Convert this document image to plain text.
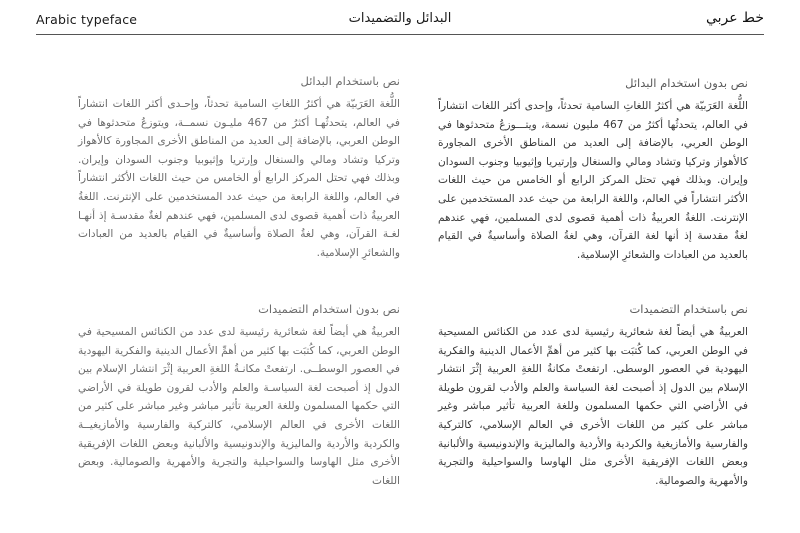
Arabic typeface	البدائل والتضميدات	خط عربي
نص بدون استخدام البدائل
اللُّغة العَرَبيّة هي أكثرُ اللغاتِ السامية تحدثاً، وإحدى أكثر اللغات انتشاراً في العالم، يتحدثُها أكثرُ من 467 مليون نسمة، ويتـــوزعُ متحدثوها في الوطن العربي، بالإضافة إلى العديد من المناطق الأخرى المجاورة كالأهواز وتركيا وتشاد ومالي والسنغال وإرتيريا وإثيوبيا وجنوب السودان وإيران. وبذلك فهي تحتل المركز الرابع أو الخامس من حيث اللغات الأكثر انتشاراً في العالم، واللغة الرابعة من حيث عدد المستخدمين على الإنترنت. اللغةُ العربيةُ ذات أهمية قصوى لدى المسلمين، فهي عندهم لغةٌ مقدسة إذ أنها لغة القرآن، وهي لغةُ الصلاة وأساسيةٌ في القيام بالعديد من العبادات والشعائرِ الإسلامية.
نص باستخدام البدائل
اللُّغة العَرَبيّة هي أكثرُ اللغاتِ السامية تحدثاً، وإحـدى أكثر اللغات انتشاراً في العالم، يتحدثُهـا أكثرُ من 467 مليـون نسمــة، ويتوزعُ متحدثوها في الوطن العربي، بالإضافة إلى العديد من المناطق الأخرى المجاورة كالأهواز وتركيا وتشاد ومالي والسنغال وإرتريا وإثيوبيا وجنوب السودان وإيران. وبذلك فهي تحتل المركز الرابع أو الخامس من حيث اللغات الأكثر انتشاراً في العالم، واللغة الرابعة من حيث عدد المستخدمين على الإنترنت. اللغةُ العربيةُ ذات أهمية قصوى لدى المسلمين، فهي عندهم لغةٌ مقدسـة إذ أنهـا لغـة القرآن، وهي لغةُ الصلاة وأساسيةٌ في القيام بالعديد من العبادات والشعائرِ الإسلامية.
نص باستخدام التضميدات
العربيةُ هي أيضاً لغة شعائرية رئيسية لدى عدد من الكنائس المسيحية في الوطن العربي، كما كُتبَت بها كثير من أهمِّ الأعمال الدينية والفكرية اليهودية في العصور الوسطى. ارتفعتْ مكانةُ اللغةِ العربية إثْرَ انتشار الإسلام بين الدول إذ أصبحت لغة السياسة والعلم والأدب لقرون طويلة في الأراضي التي حكمها المسلمون وللغة العربية تأثير مباشر وغير مباشر على كثير من اللغات الأخرى في العالم الإسلامي، كالتركية والفارسية والأمازيغية والكردية والأردية والماليزية والإندونيسية والألبانية وبعض اللغات الإفريقية الأخرى مثل الهاوسا والسواحيلية والتجرية والأمهرية والصومالية.
نص بدون استخدام التضميدات
العربيةُ هي أيضاً لغة شعائرية رئيسية لدى عدد من الكنائس المسيحية في الوطن العربي، كما كُتبَت بها كثير من أهمِّ الأعمال الدينية والفكرية اليهودية في العصور الوسطــى. ارتفعتْ مكانـةُ اللغةِ العربية إثْرَ انتشار الإسلام بين الدول إذ أصبحت لغة السياسـة والعلم والأدب لقرون طويلة في الأراضي التي حكمها المسلمون وللغة العربية تأثير مباشر وغير مباشر على كثير من اللغات الأخرى في العالم الإسلامي، كالتركية والفارسية والأمازيغيــة والكردية والأردية والماليزية والإندونيسية والألبانية وبعض اللغات الإفريقية الأخرى مثل الهاوسا والسواحيلية والتجرية والأمهرية والصومالية. وبعض اللغات
